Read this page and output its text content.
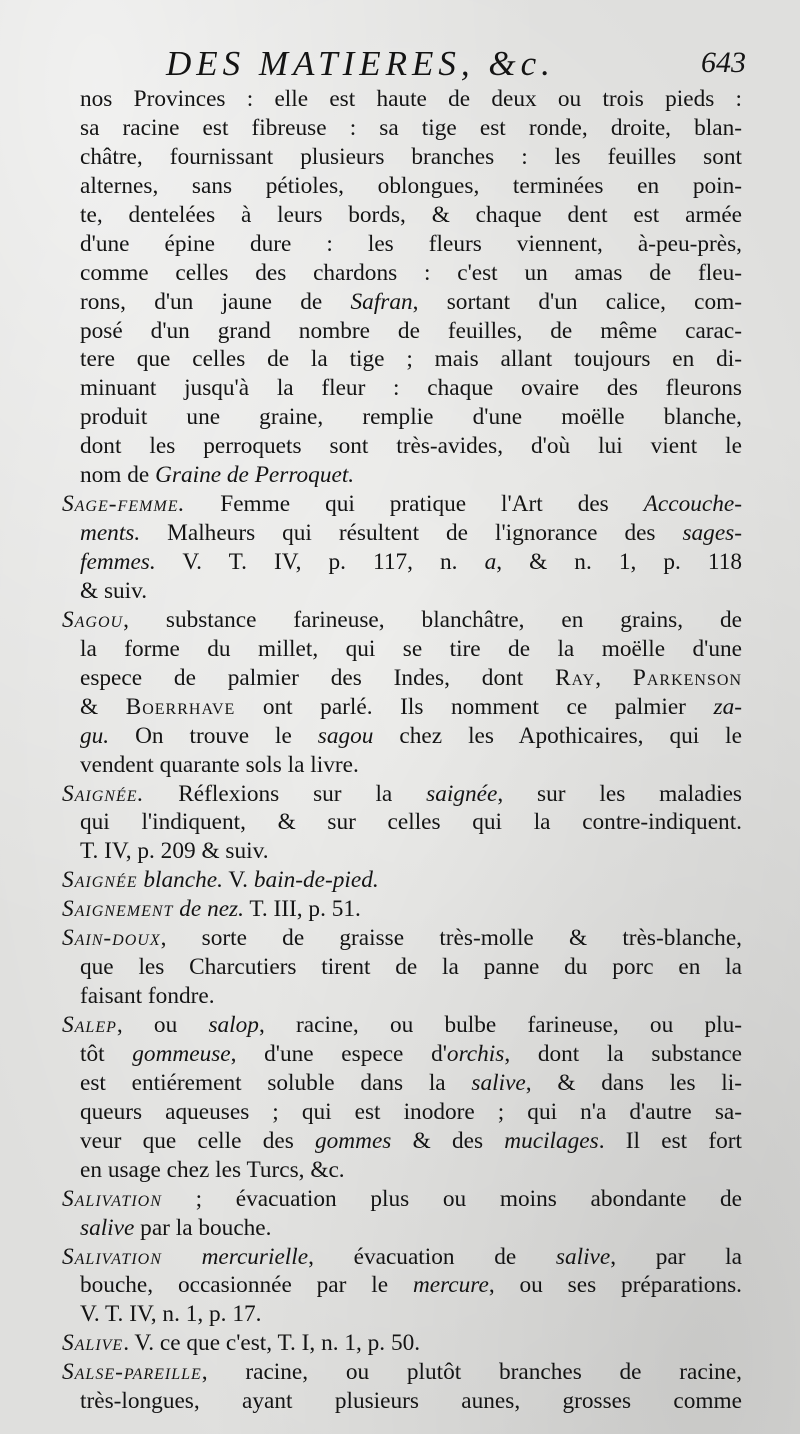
DES MATIERES, &c.	643
nos Provinces : elle est haute de deux ou trois pieds :
sa racine est fibreuse : sa tige est ronde, droite, blan-
châtre, fournissant plusieurs branches : les feuilles sont
alternes, sans pétioles, oblongues, terminées en poin-
te, dentelées à leurs bords, & chaque dent est armée
d'une épine dure : les fleurs viennent, à-peu-près,
comme celles des chardons : c'est un amas de fleu-
rons, d'un jaune de Safran, sortant d'un calice, com-
posé d'un grand nombre de feuilles, de même carac-
tere que celles de la tige ; mais allant toujours en di-
minuant jusqu'à la fleur : chaque ovaire des fleurons
produit une graine, remplie d'une moëlle blanche,
dont les perroquets sont très-avides, d'où lui vient le
nom de Graine de Perroquet.
Sage-femme. Femme qui pratique l'Art des Accouche-
ments. Malheurs qui résultent de l'ignorance des sages-
femmes. V. T. IV, p. 117, n. a, & n. 1, p. 118
& suiv.
Sagou, substance farineuse, blanchâtre, en grains, de
la forme du millet, qui se tire de la moëlle d'une
espece de palmier des Indes, dont Ray, Parkenson
& Boerrhave ont parlé. Ils nomment ce palmier za-
gu. On trouve le sagou chez les Apothicaires, qui le
vendent quarante sols la livre.
Saignée. Réflexions sur la saignée, sur les maladies
qui l'indiquent, & sur celles qui la contre-indiquent.
T. IV, p. 209 & suiv.
Saignée blanche. V. bain-de-pied.
Saignement de nez. T. III, p. 51.
Sain-doux, sorte de graisse très-molle & très-blanche,
que les Charcutiers tirent de la panne du porc en la
faisant fondre.
Salep, ou salop, racine, ou bulbe farineuse, ou plu-
tôt gommeuse, d'une espece d'orchis, dont la substance
est entiérement soluble dans la salive, & dans les li-
queurs aqueuses ; qui est inodore ; qui n'a d'autre sa-
veur que celle des gommes & des mucilages. Il est fort
en usage chez les Turcs, &c.
Salivation ; évacuation plus ou moins abondante de
salive par la bouche.
Salivation mercurielle, évacuation de salive, par la
bouche, occasionnée par le mercure, ou ses préparations.
V. T. IV, n. 1, p. 17.
Salive. V. ce que c'est, T. I, n. 1, p. 50.
Salse-pareille, racine, ou plutôt branches de racine,
très-longues, ayant plusieurs aunes, grosses comme
